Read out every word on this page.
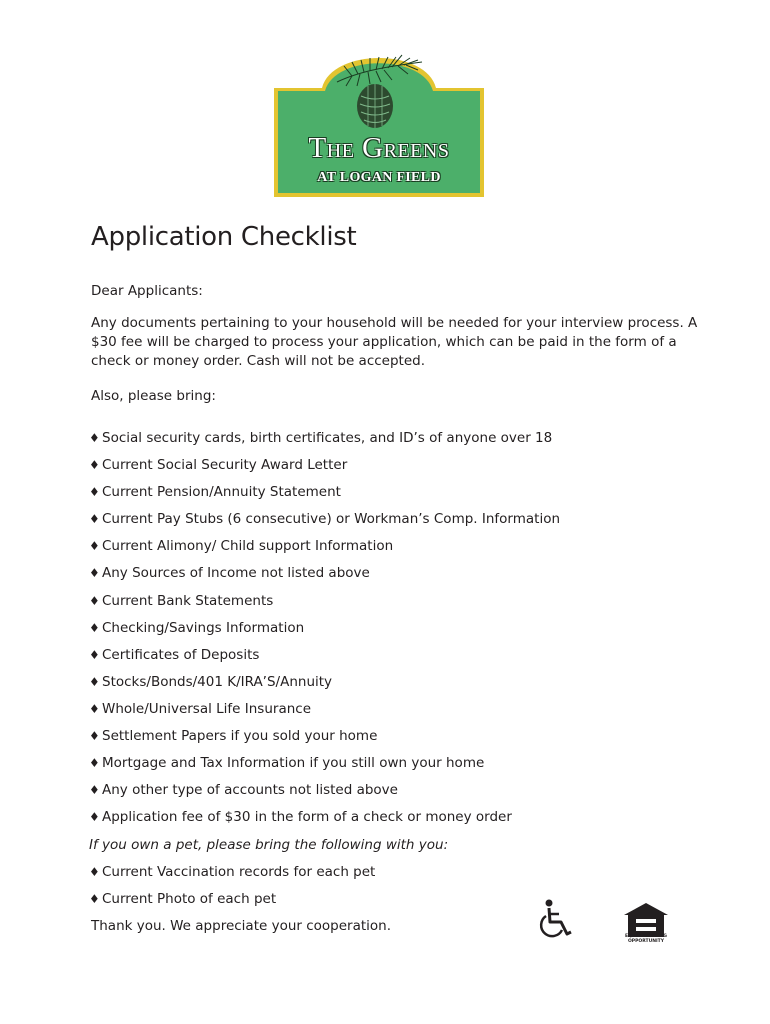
The Greens
AT LOGAN FIELD
Application Checklist
Dear Applicants:
Any documents pertaining to your household will be needed for your interview process. A $30 fee will be charged to process your application, which can be paid in the form of a check or money order. Cash will not be accepted.
Also, please bring:
♦ Social security cards, birth certificates, and ID’s of anyone over 18
♦ Current Social Security Award Letter
♦ Current Pension/Annuity Statement
♦ Current Pay Stubs (6 consecutive) or Workman’s Comp. Information
♦ Current Alimony/ Child support Information
♦ Any Sources of Income not listed above
♦ Current Bank Statements
♦ Checking/Savings Information
♦ Certificates of Deposits
♦ Stocks/Bonds/401 K/IRA’S/Annuity
♦ Whole/Universal Life Insurance
♦ Settlement Papers if you sold your home
♦ Mortgage and Tax Information if you still own your home
♦ Any other type of accounts not listed above
♦ Application fee of $30 in the form of a check or money order
If you own a pet, please bring the following with you:
♦ Current Vaccination records for each pet
♦ Current Photo of each pet
Thank you. We appreciate your cooperation.
EQUAL HOUSING
OPPORTUNITY
